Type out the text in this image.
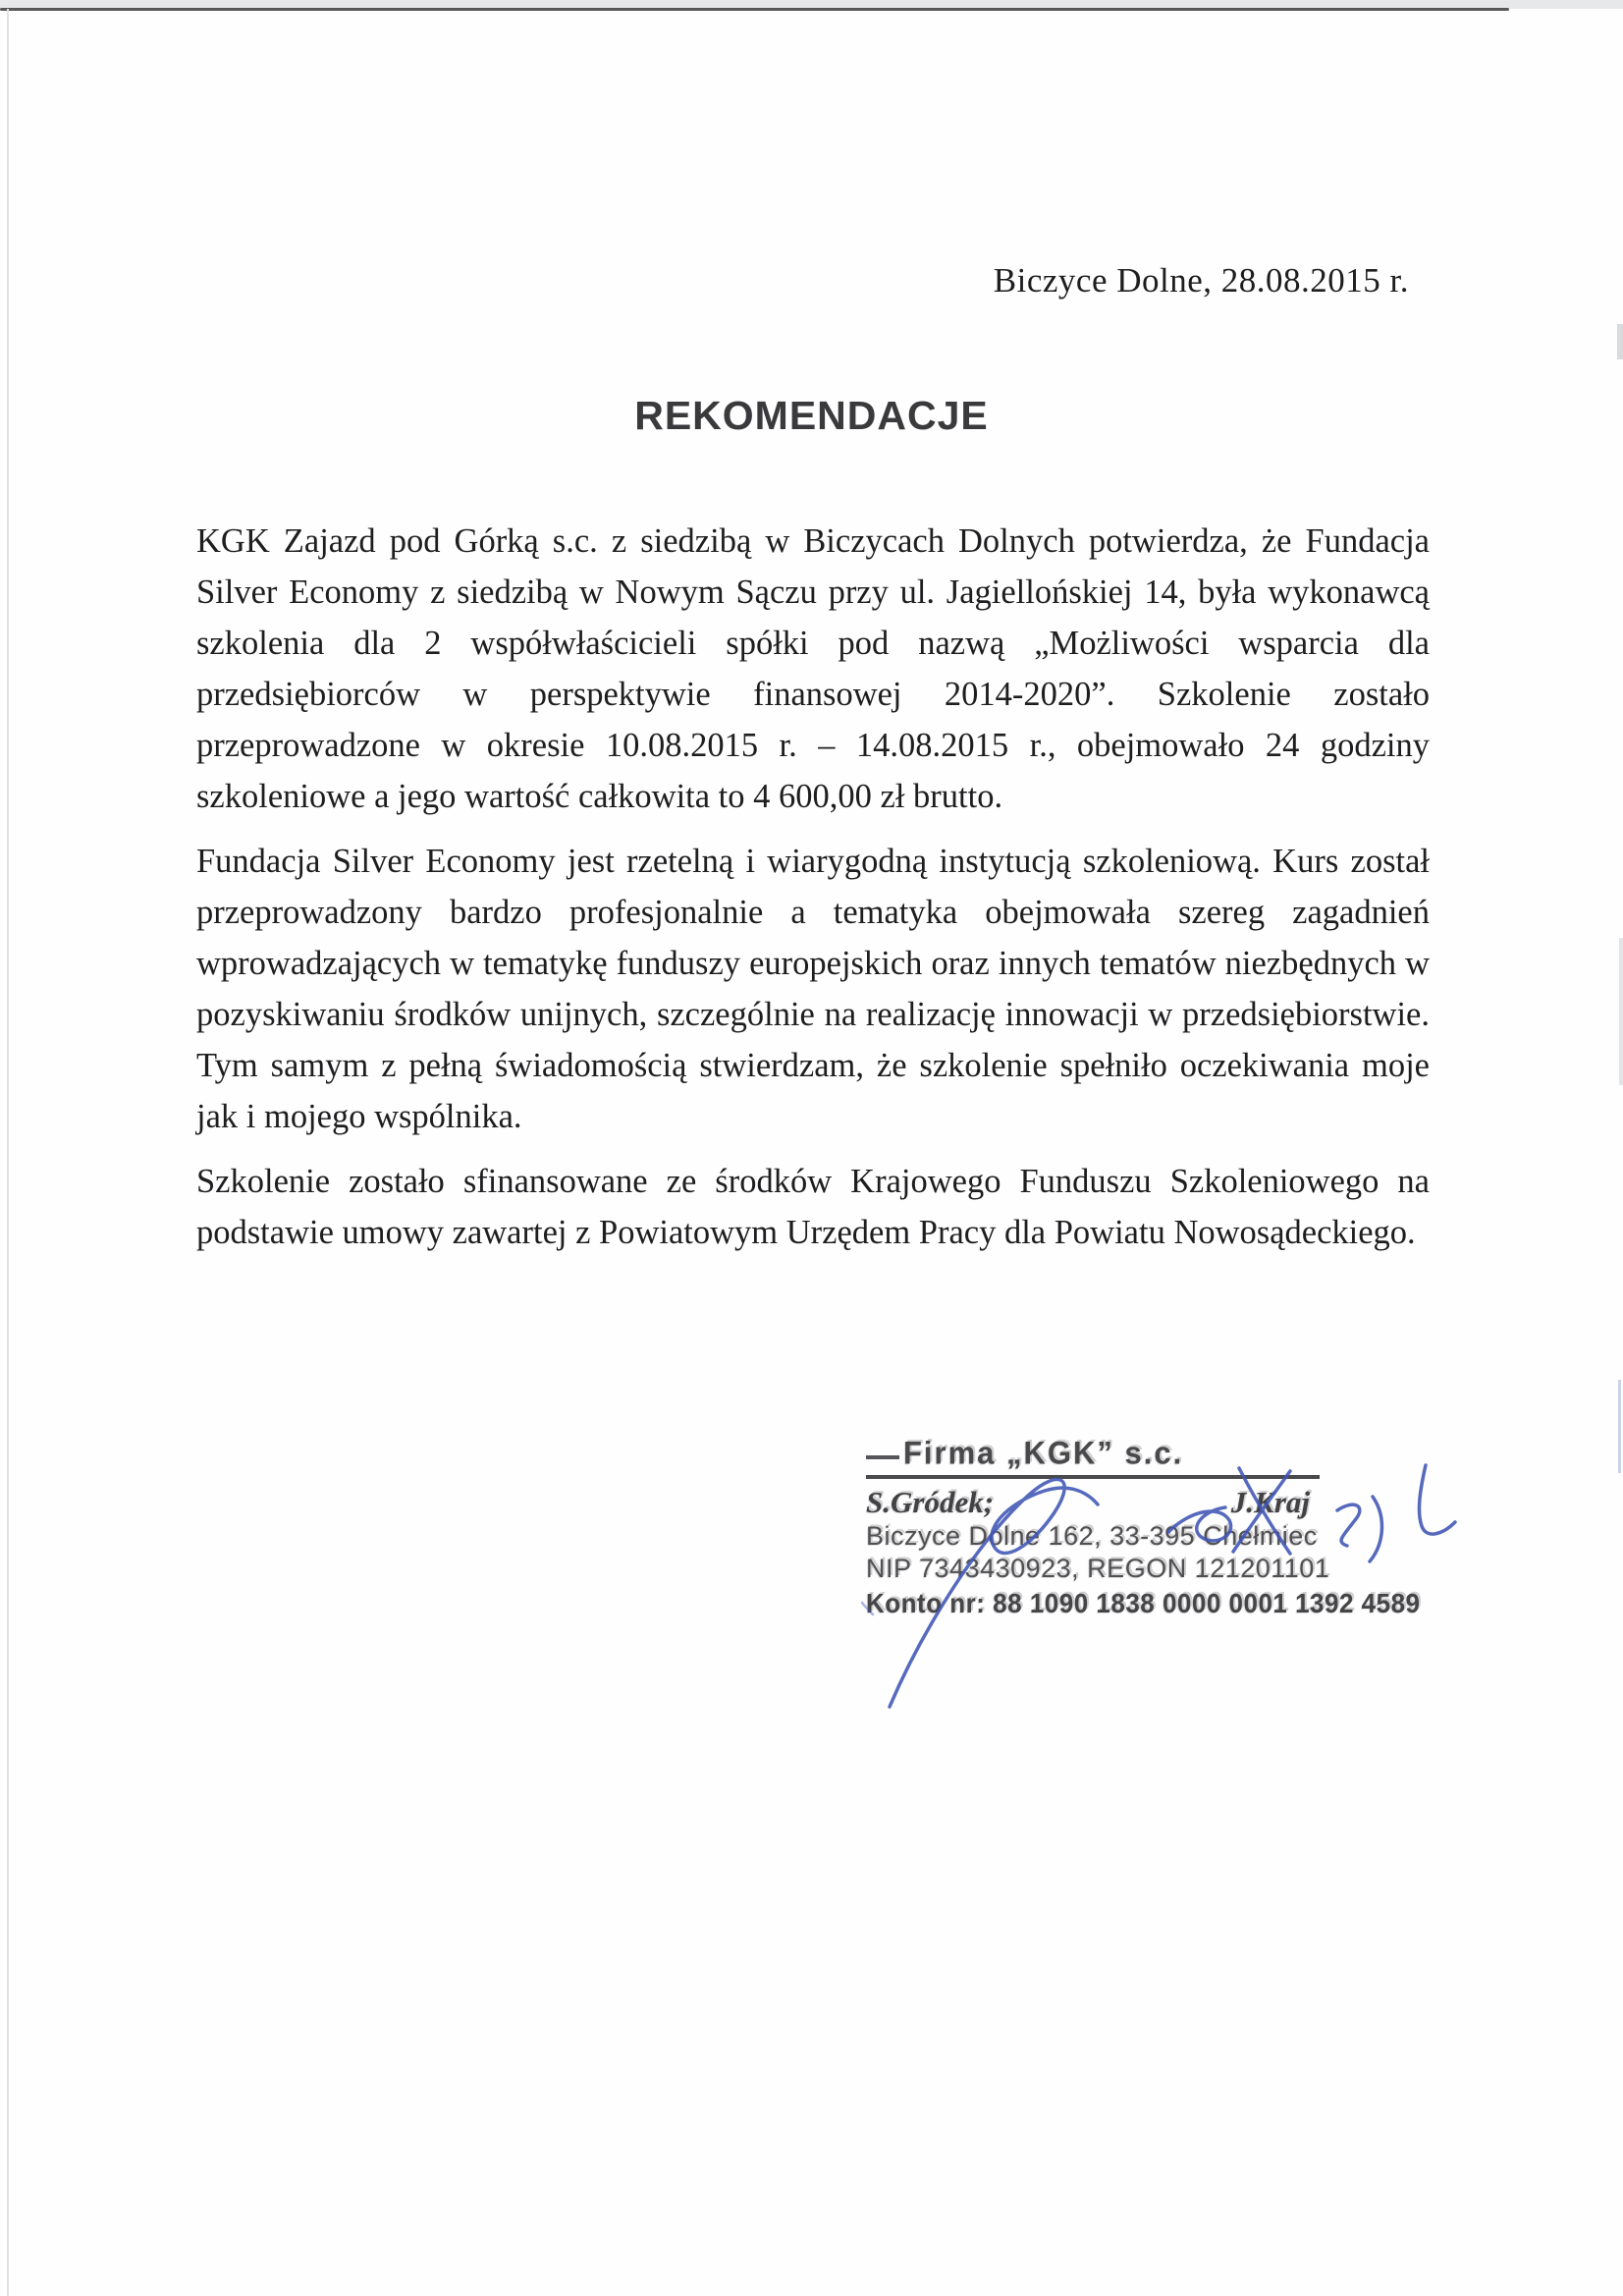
Biczyce Dolne, 28.08.2015 r.
REKOMENDACJE

KGK Zajazd pod Górką s.c. z siedzibą w Biczycach Dolnych potwierdza, że Fundacja Silver Economy z siedzibą w Nowym Sączu przy ul. Jagiellońskiej 14, była wykonawcą szkolenia dla 2 współwłaścicieli spółki pod nazwą „Możliwości wsparcia dla przedsiębiorców w perspektywie finansowej 2014-2020”. Szkolenie zostało przeprowadzone w okresie 10.08.2015 r. – 14.08.2015 r., obejmowało 24 godziny szkoleniowe a jego wartość całkowita to 4 600,00 zł brutto.

Fundacja Silver Economy jest rzetelną i wiarygodną instytucją szkoleniową. Kurs został przeprowadzony bardzo profesjonalnie a tematyka obejmowała szereg zagadnień wprowadzających w tematykę funduszy europejskich oraz innych tematów niezbędnych w pozyskiwaniu środków unijnych, szczególnie na realizację innowacji w przedsiębiorstwie. Tym samym z pełną świadomością stwierdzam, że szkolenie spełniło oczekiwania moje jak i mojego wspólnika.

Szkolenie zostało sfinansowane ze środków Krajowego Funduszu Szkoleniowego na podstawie umowy zawartej z Powiatowym Urzędem Pracy dla Powiatu Nowosądeckiego.

Firma „KGK” s.c.
S.Gródek;	J.Kraj
Biczyce Dolne 162, 33-395 Chełmiec
NIP 7343430923, REGON 121201101
Konto nr: 88 1090 1838 0000 0001 1392 4589
